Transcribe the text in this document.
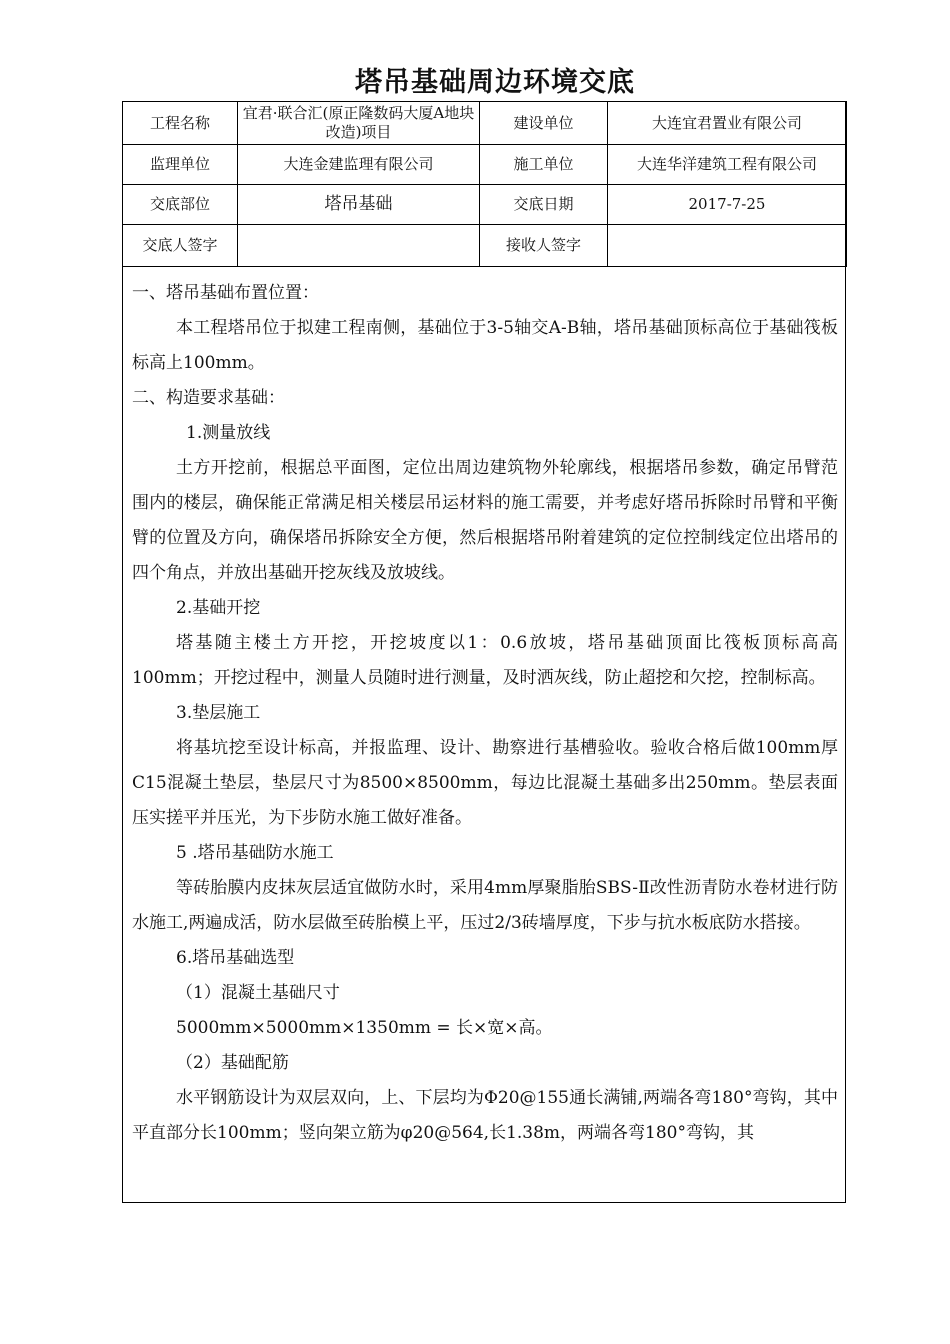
塔吊基础周边环境交底
工程名称	宜君·联合汇(原正隆数码大厦A地块改造)项目	建设单位	大连宜君置业有限公司
监理单位	大连金建监理有限公司	施工单位	大连华洋建筑工程有限公司
交底部位	塔吊基础	交底日期	2017-7-25
交底人签字		接收人签字	

一、塔吊基础布置位置：

本工程塔吊位于拟建工程南侧，基础位于3-5轴交A-B轴，塔吊基础顶标高位于基础筏板标高上100mm。

二、构造要求基础：

1.测量放线

土方开挖前，根据总平面图，定位出周边建筑物外轮廓线，根据塔吊参数，确定吊臂范围内的楼层，确保能正常满足相关楼层吊运材料的施工需要，并考虑好塔吊拆除时吊臂和平衡臂的位置及方向，确保塔吊拆除安全方便，然后根据塔吊附着建筑的定位控制线定位出塔吊的四个角点，并放出基础开挖灰线及放坡线。

2.基础开挖

塔基随主楼土方开挖，开挖坡度以1：0.6放坡，塔吊基础顶面比筏板顶标高高100mm；开挖过程中，测量人员随时进行测量，及时洒灰线，防止超挖和欠挖，控制标高。

3.垫层施工

将基坑挖至设计标高，并报监理、设计、勘察进行基槽验收。验收合格后做100mm厚C15混凝土垫层，垫层尺寸为8500×8500mm，每边比混凝土基础多出250mm。垫层表面压实搓平并压光，为下步防水施工做好准备。

5 .塔吊基础防水施工

等砖胎膜内皮抹灰层适宜做防水时，采用4mm厚聚脂胎SBS-Ⅱ改性沥青防水卷材进行防水施工,两遍成活，防水层做至砖胎模上平，压过2/3砖墙厚度，下步与抗水板底防水搭接。

6.塔吊基础选型

（1）混凝土基础尺寸

5000mm×5000mm×1350mm = 长×宽×高。

（2）基础配筋

水平钢筋设计为双层双向，上、下层均为Φ20@155通长满铺,两端各弯180°弯钩，其中平直部分长100mm；竖向架立筋为φ20@564,长1.38m，两端各弯180°弯钩，其
